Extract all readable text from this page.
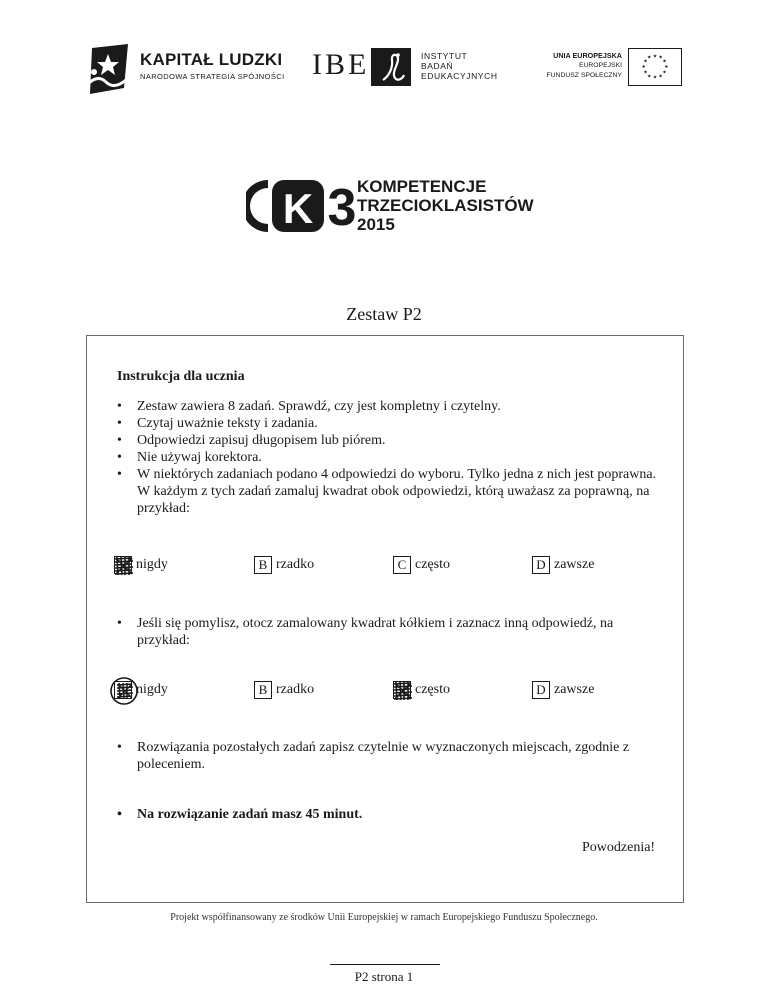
KAPITAŁ LUDZKI
NARODOWA STRATEGIA SPÓJNOŚCI IBE	INSTYTUT
BADAŃ
EDUKACYJNYCH
UNIA EUROPEJSKA
EUROPEJSKI
FUNDUSZ SPOŁECZNY
★ ★
★
★
★
★
★
★
★
★
★
★
K 3 KOMPETENCJE
TRZECIOKLASISTÓW
2015
Zestaw P2
Instrukcja dla ucznia
• Zestaw zawiera 8 zadań. Sprawdź, czy jest kompletny i czytelny.
• Czytaj uważnie teksty i zadania.
• Odpowiedzi zapisuj długopisem lub piórem.
• Nie używaj korektora.
• W niektórych zadaniach podano 4 odpowiedzi do wyboru. Tylko jedna z nich jest poprawna. W każdym z tych zadań zamaluj kwadrat obok odpowiedzi, którą uważasz za poprawną, na przykład:
nigdy	B rzadko	C często	D zawsze
• Jeśli się pomylisz, otocz zamalowany kwadrat kółkiem i zaznacz inną odpowiedź, na przykład:
nigdy	B rzadko	często	D zawsze
• Rozwiązania pozostałych zadań zapisz czytelnie w wyznaczonych miejscach, zgodnie z poleceniem.
• Na rozwiązanie zadań masz 45 minut.
Powodzenia!
Projekt współfinansowany ze środków Unii Europejskiej w ramach Europejskiego Funduszu Społecznego.
P2 strona 1
